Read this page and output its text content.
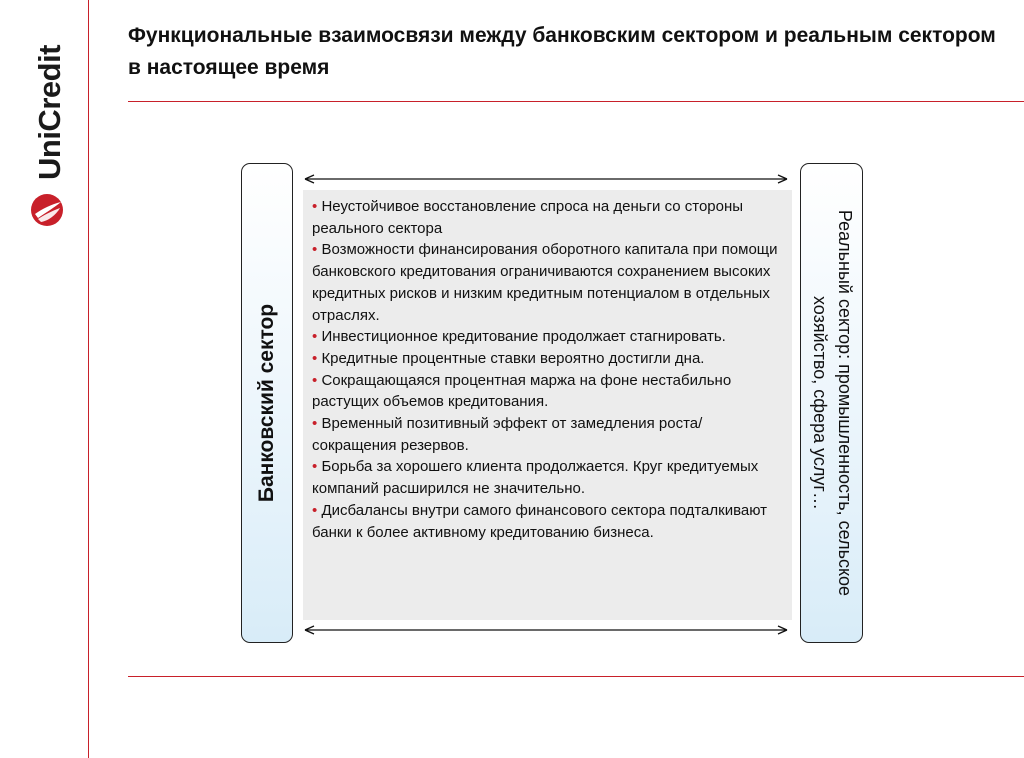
UniCredit
Функциональные взаимосвязи между банковским сектором и реальным сектором в настоящее время
Банковский сектор	Реальный сектор: промышленность, сельское
хозяйство, сфера услуг…
• Неустойчивое восстановление спроса на деньги со стороны реального сектора
• Возможности финансирования оборотного капитала при помощи банковского кредитования ограничиваются сохранением высоких кредитных рисков и низким кредитным потенциалом в отдельных отраслях.
• Инвестиционное кредитование продолжает стагнировать.
• Кредитные процентные ставки вероятно достигли дна.
• Сокращающаяся процентная маржа на фоне нестабильно растущих объемов кредитования.
• Временный позитивный эффект от замедления роста/сокращения резервов.
• Борьба за хорошего клиента продолжается. Круг кредитуемых компаний расширился не значительно.
• Дисбалансы внутри самого финансового сектора подталкивают банки к более активному кредитованию бизнеса.
